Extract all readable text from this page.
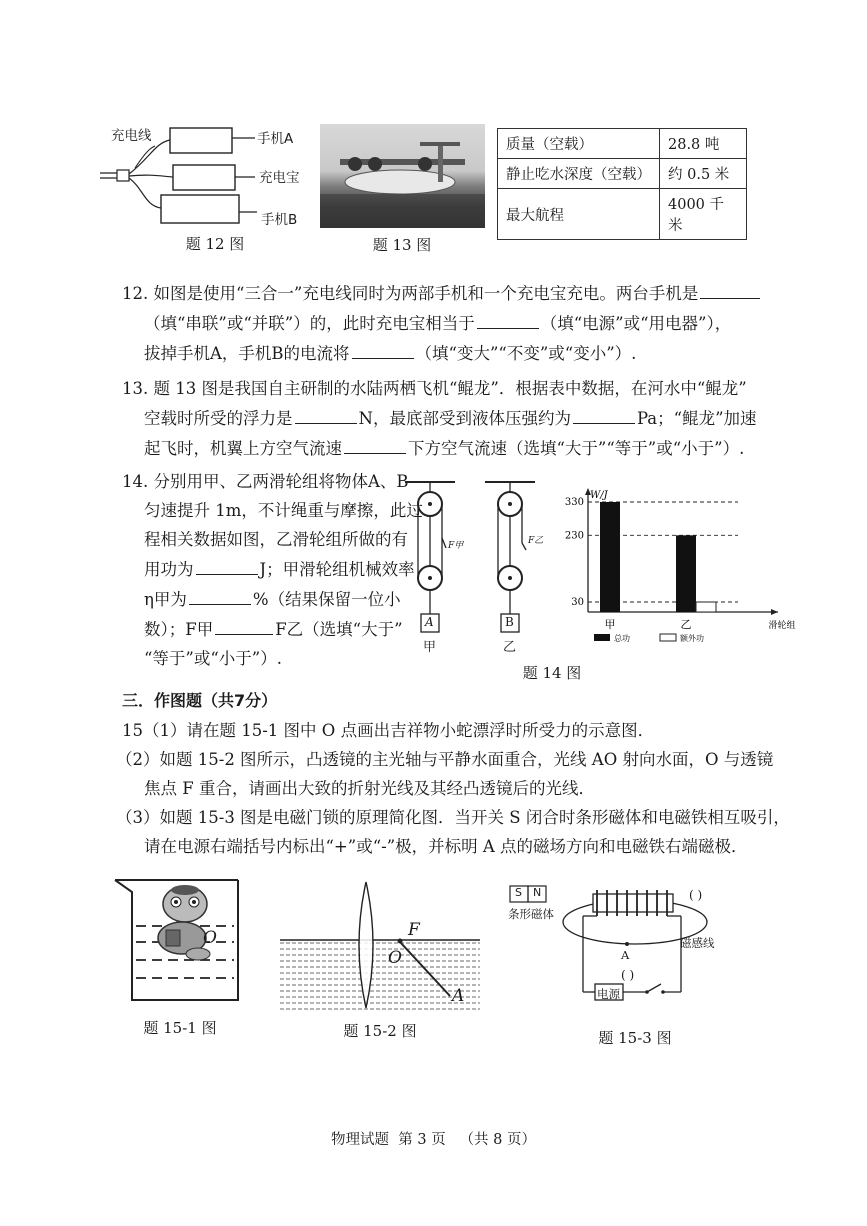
充电线	手机A
充电宝
手机B
题 12 图	题 13 图
质量（空载）	28.8 吨
静止吃水深度（空载）	约 0.5 米
最大航程	4000 千米
12. 如图是使用“三合一”充电线同时为两部手机和一个充电宝充电。两台手机是
（填“串联”或“并联”）的，此时充电宝相当于	（填“电源”或“用电器”），
拔掉手机A，手机B的电流将	（填“变大”“不变”或“变小”）.
13. 题 13 图是我国自主研制的水陆两栖飞机“鲲龙”．根据表中数据，在河水中“鲲龙”
空载时所受的浮力是	N，最底部受到液体压强约为	Pa；“鲲龙”加速
起飞时，机翼上方空气流速	下方空气流速（选填“大于”“等于”或“小于”）.
14. 分别用甲、乙两滑轮组将物体A、B
匀速提升 1m，不计绳重与摩擦，此过
程相关数据如图，乙滑轮组所做的有
用功为	J；甲滑轮组机械效率
η甲为	%（结果保留一位小
数）；F甲	F乙（选填“大于”
“等于”或“小于”）.
F甲	F乙
A	B
甲	乙
W/J
滑轮组
30
230
330
甲	乙
总功	额外功
题 14 图
三．作图题（共7分）
15（1）请在题 15-1 图中 O 点画出吉祥物小蛇漂浮时所受力的示意图．
（2）如题 15-2 图所示，凸透镜的主光轴与平静水面重合，光线 AO 射向水面，O 与透镜
焦点 F 重合，请画出大致的折射光线及其经凸透镜后的光线．
（3）如题 15-3 图是电磁门锁的原理简化图．当开关 S 闭合时条形磁体和电磁铁相互吸引，
请在电源右端括号内标出“+”或“-”极，并标明 A 点的磁场方向和电磁铁右端磁极．
O
题 15-1 图
F
O
A
题 15-2 图
S N
条形磁体
磁感线
A
电源
( )
( )
题 15-3 图
物理试题  第 3 页   （共 8 页）
